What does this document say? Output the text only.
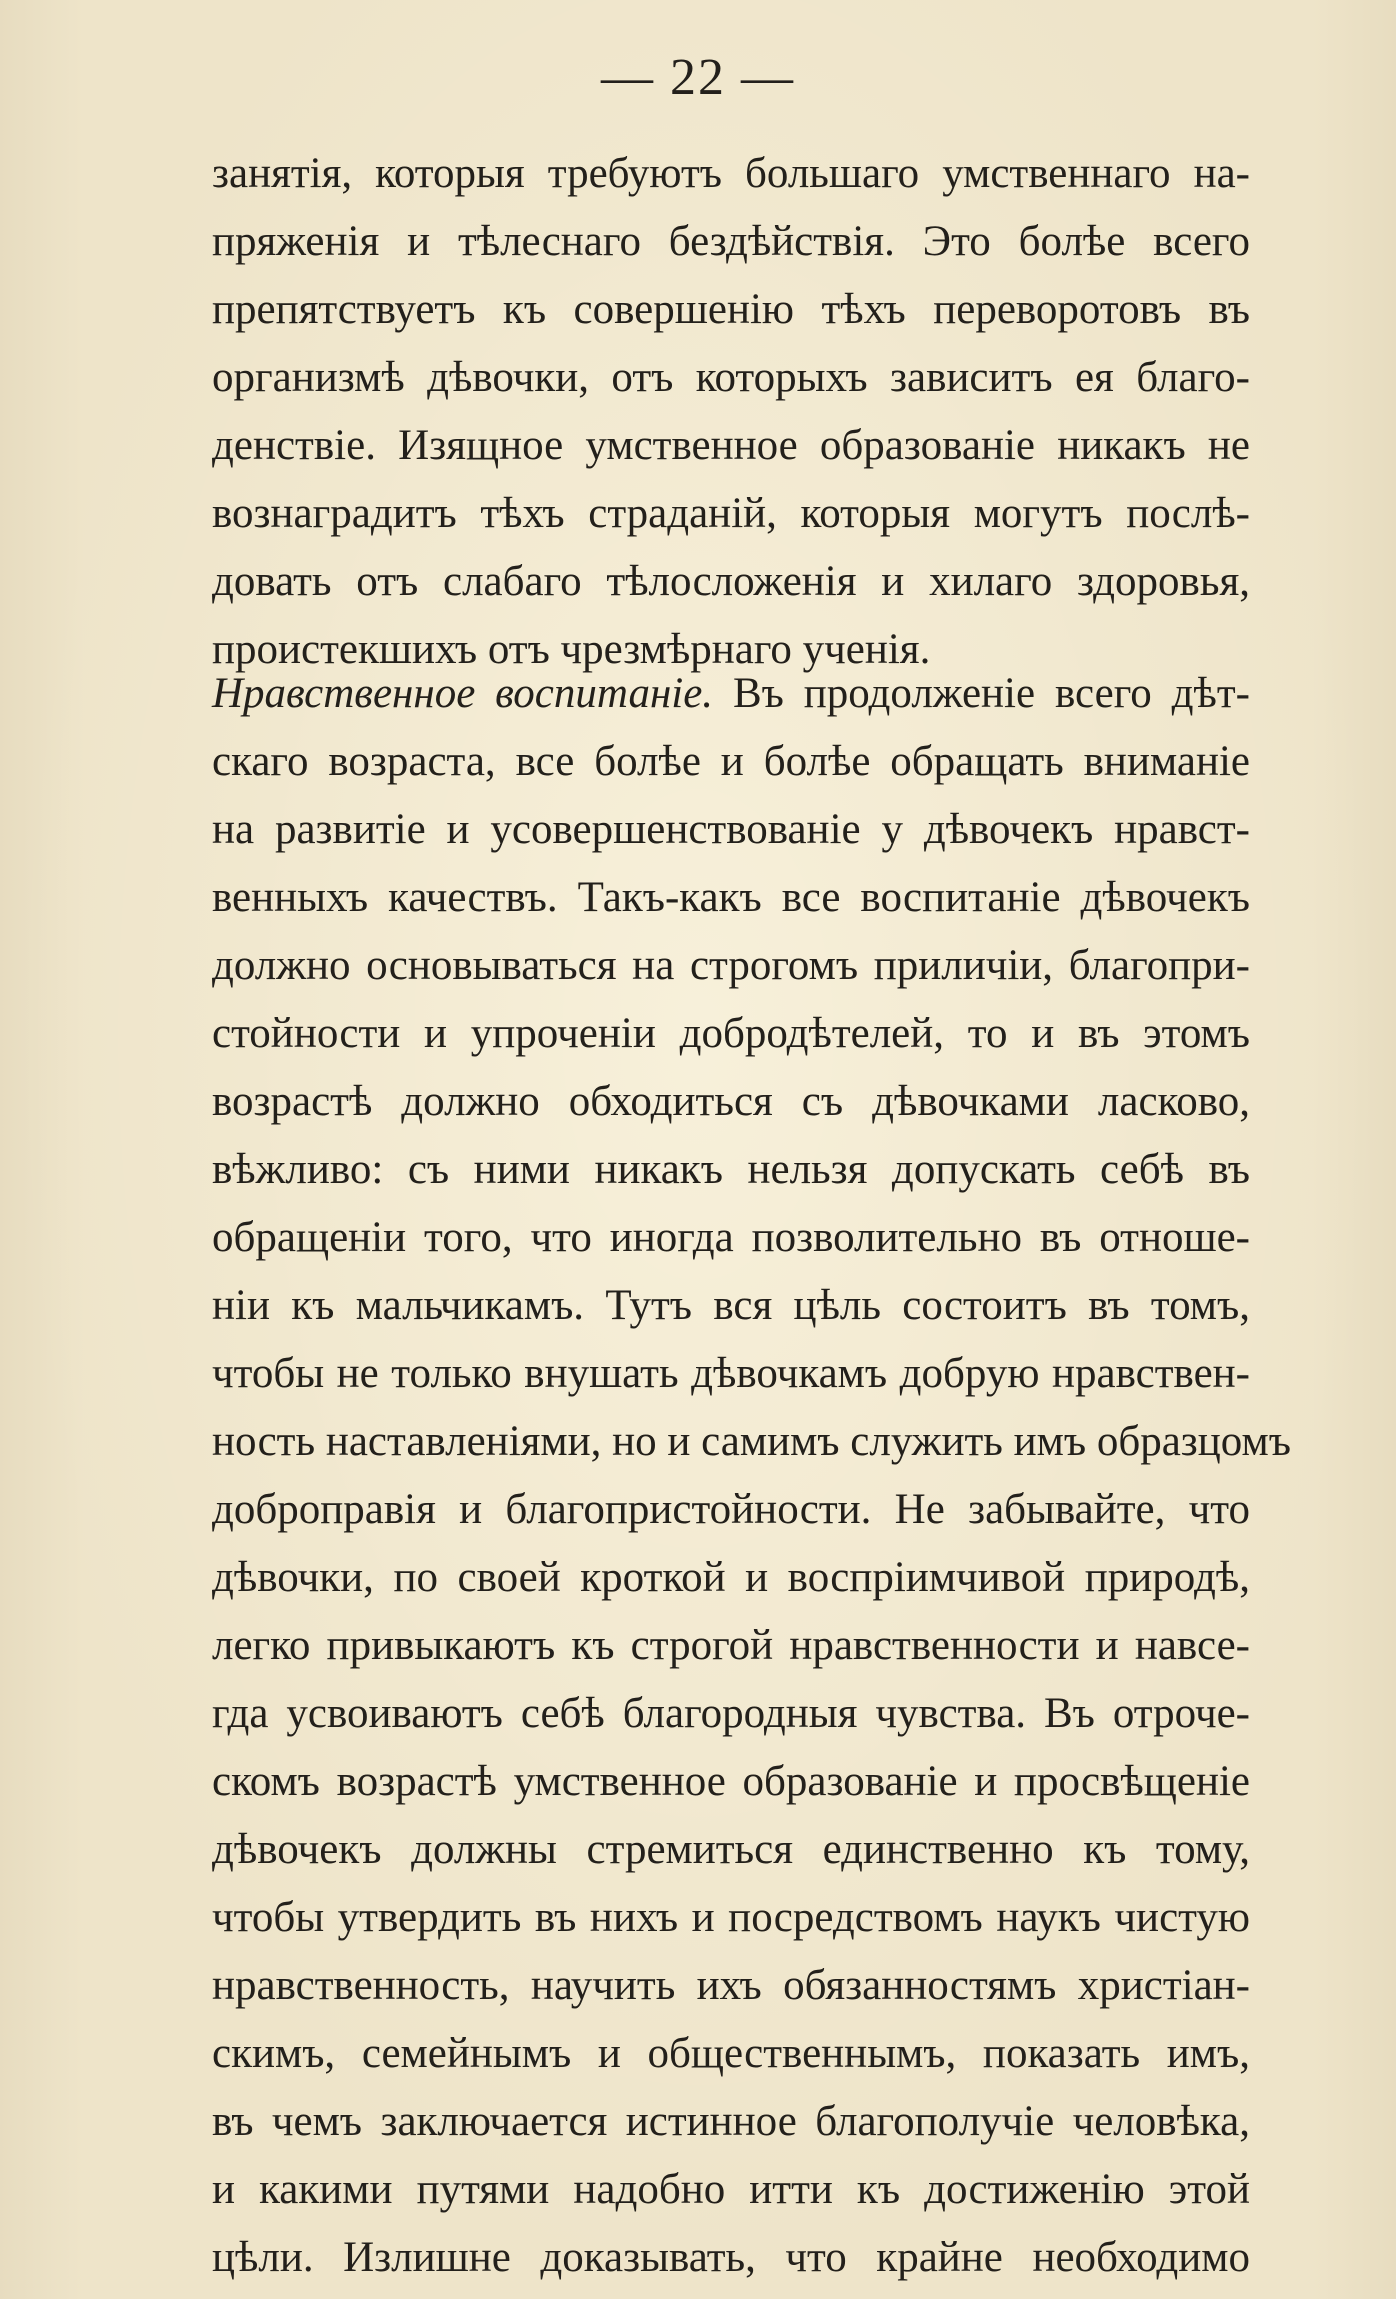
— 22 —
занятія, которыя требуютъ большаго умственнаго на-
пряженія и тѣлеснаго бездѣйствія. Это болѣе всего
препятствуетъ къ совершенію тѣхъ переворотовъ въ
организмѣ дѣвочки, отъ которыхъ зависитъ ея благо-
денствіе. Изящное умственное образованіе никакъ не
вознаградитъ тѣхъ страданій, которыя могутъ послѣ-
довать отъ слабаго тѣлосложенія и хилаго здоровья,
проистекшихъ отъ чрезмѣрнаго ученія.
Нравственное воспитаніе. Въ продолженіе всего дѣт-
скаго возраста, все болѣе и болѣе обращать вниманіе
на развитіе и усовершенствованіе у дѣвочекъ нравст-
венныхъ качествъ. Такъ-какъ все воспитаніе дѣвочекъ
должно основываться на строгомъ приличіи, благопри-
стойности и упроченіи добродѣтелей, то и въ этомъ
возрастѣ должно обходиться съ дѣвочками ласково,
вѣжливо: съ ними никакъ нельзя допускать себѣ въ
обращеніи того, что иногда позволительно въ отноше-
ніи къ мальчикамъ. Тутъ вся цѣль состоитъ въ томъ,
чтобы не только внушать дѣвочкамъ добрую нравствен-
ность наставленіями, но и самимъ служить имъ образцомъ
доброправія и благопристойности. Не забывайте, что
дѣвочки, по своей кроткой и воспріимчивой природѣ,
легко привыкаютъ къ строгой нравственности и навсе-
гда усвоиваютъ себѣ благородныя чувства. Въ отроче-
скомъ возрастѣ умственное образованіе и просвѣщеніе
дѣвочекъ должны стремиться единственно къ тому,
чтобы утвердить въ нихъ и посредствомъ наукъ чистую
нравственность, научить ихъ обязанностямъ христіан-
скимъ, семейнымъ и общественнымъ, показать имъ,
въ чемъ заключается истинное благополучіе человѣка,
и какими путями надобно итти къ достиженію этой
цѣли. Излишне доказывать, что крайне необходимо
